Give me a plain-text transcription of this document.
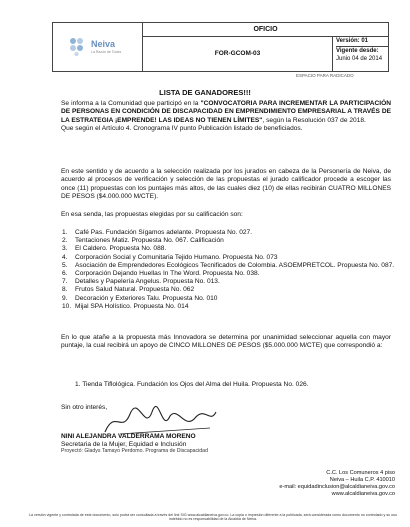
Neiva
La Razón de Todos
OFICIO
FOR-GCOM-03
Versión: 01
Vigente desde:
Junio 04 de 2014
ESPACIO PARA RADICADO
LISTA DE GANADORES!!!
Se informa a la Comunidad que participó en la "CONVOCATORIA PARA INCREMENTAR LA PARTICIPACIÓN DE PERSONAS EN CONDICIÓN DE DISCAPACIDAD EN EMPRENDIMIENTO EMPRESARIAL A TRAVÉS DE LA ESTRATEGIA ¡EMPRENDE! LAS IDEAS NO TIENEN LÍMITES", según la Resolución 037 de 2018.
Que según el Artículo 4. Cronograma IV punto Publicación listado de beneficiados.
En este sentido y de acuerdo a la selección realizada por los jurados en cabeza de la Personería de Neiva, de acuerdo al procesos de verificación y selección de las propuestas el jurado calificador procede a escoger las once (11) propuestas con los puntajes más altos, de las cuales diez (10) de ellas recibirán CUATRO MILLONES DE PESOS ($4.000.000 M/CTE).
En esa senda, las propuestas elegidas por su calificación son:
1. Café Pas. Fundación Sígamos adelante. Propuesta No. 027.
2. Tentaciones Matiz. Propuesta No. 067. Calificación
3. El Caldero. Propuesta No. 088.
4. Corporación Social y Comunitaria Tejido Humano. Propuesta No. 073
5. Asociación de Emprendedores Ecológicos Tecnificados de Colombia. ASOEMPRETCOL. Propuesta No. 087.
6. Corporación Dejando Huellas In The Word. Propuesta No. 038.
7. Detalles y Papelería Angelus. Propuesta No. 013.
8. Frutos Salud Natural. Propuesta No. 062
9. Decoración y Exteriores Talu. Propuesta No. 010
10. Mijal SPA Holístico. Propuesta No. 014
En lo que atañe a la propuesta más Innovadora se determina por unanimidad seleccionar aquella con mayor puntaje, la cual recibirá un apoyo de CINCO MILLONES DE PESOS ($5.000.000 M/CTE) que correspondió a:
1. Tienda Tiflológica. Fundación los Ojos del Alma del Huila. Propuesta No. 026.
Sin otro interés,
NINI ALEJANDRA VALDERRAMA MORENO
Secretaria de la Mujer, Equidad e Inclusión
Proyectó: Gladys Tamayo Perdomo. Programa de Discapacidad
C.C. Los Comuneros 4 piso
Neiva – Huila C.P. 410010
e-mail: equidadinclusion@alcaldianeiva.gov.co
www.alcaldianeiva.gov.co
La versión vigente y controlada de este documento, solo podrá ser consultada a través del link SIG www.alcaldianeiva.gov.co. La copia o impresión diferente a la publicada, será considerada como documento no controlado y su uso indebido no es responsabilidad de la Alcaldía de Neiva.
